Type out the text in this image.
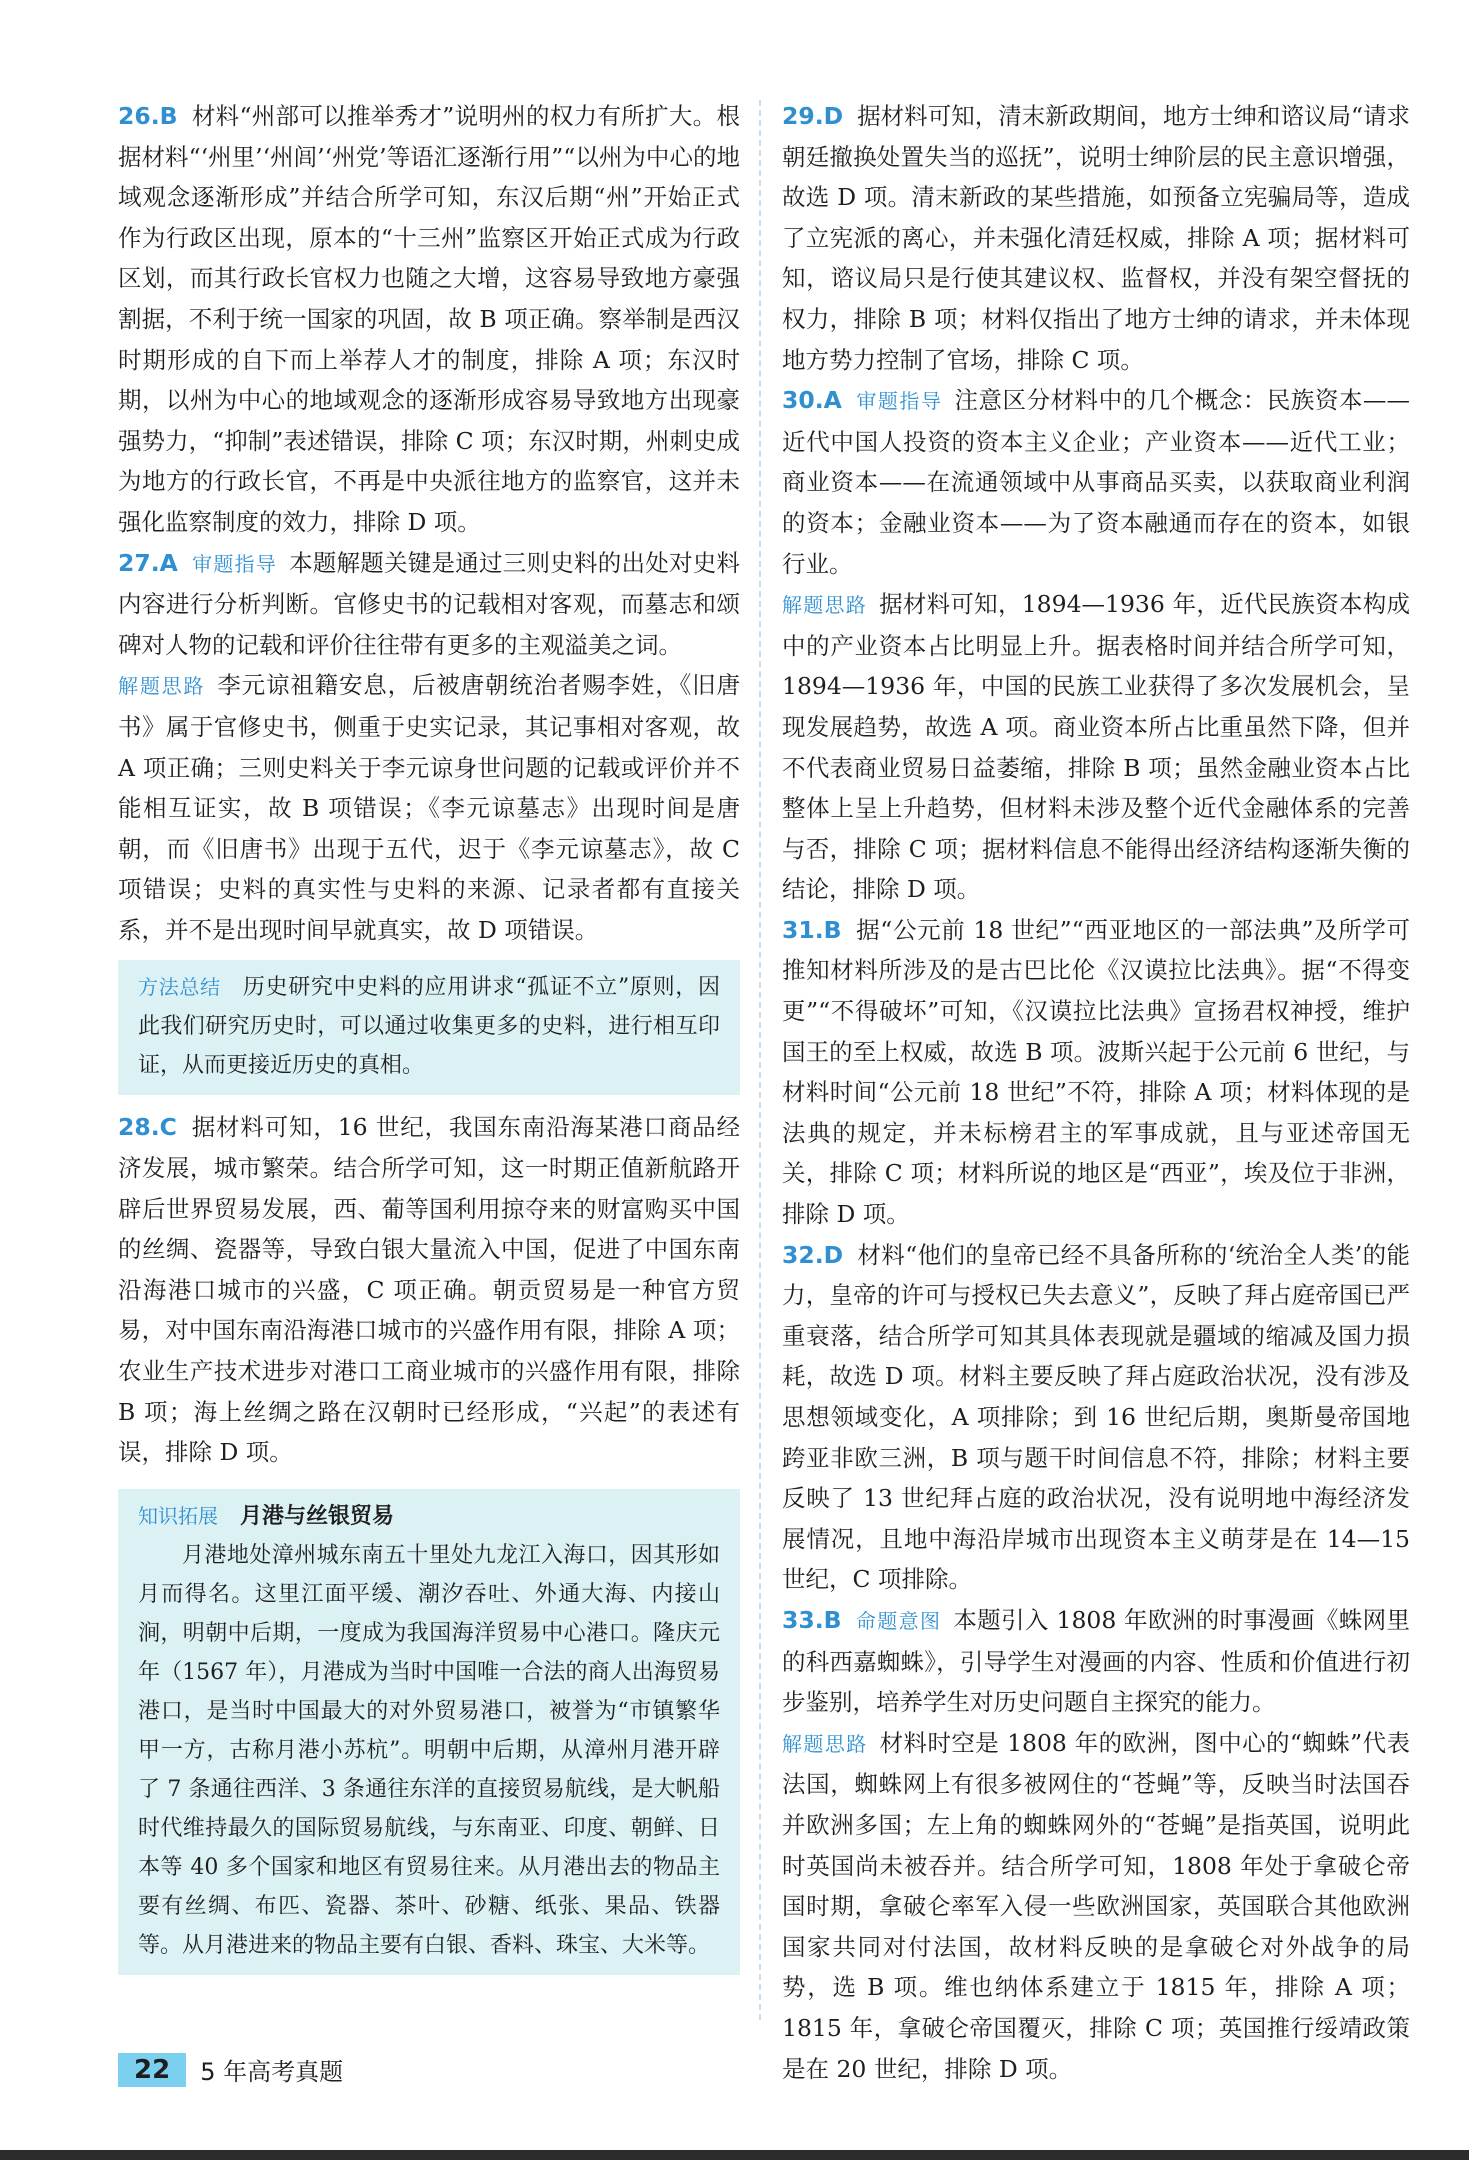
26.B 材料“州部可以推举秀才”说明州的权力有所扩大。根据材料“‘州里’‘州闾’‘州党’等语汇逐渐行用”“以州为中心的地域观念逐渐形成”并结合所学可知，东汉后期“州”开始正式作为行政区出现，原本的“十三州”监察区开始正式成为行政区划，而其行政长官权力也随之大增，这容易导致地方豪强割据，不利于统一国家的巩固，故 B 项正确。察举制是西汉时期形成的自下而上举荐人才的制度，排除 A 项；东汉时期，以州为中心的地域观念的逐渐形成容易导致地方出现豪强势力，“抑制”表述错误，排除 C 项；东汉时期，州刺史成为地方的行政长官，不再是中央派往地方的监察官，这并未强化监察制度的效力，排除 D 项。

27.A 审题指导 本题解题关键是通过三则史料的出处对史料内容进行分析判断。官修史书的记载相对客观，而墓志和颂碑对人物的记载和评价往往带有更多的主观溢美之词。

解题思路 李元谅祖籍安息，后被唐朝统治者赐李姓，《旧唐书》属于官修史书，侧重于史实记录，其记事相对客观，故 A 项正确；三则史料关于李元谅身世问题的记载或评价并不能相互证实，故 B 项错误；《李元谅墓志》出现时间是唐朝，而《旧唐书》出现于五代，迟于《李元谅墓志》，故 C 项错误；史料的真实性与史料的来源、记录者都有直接关系，并不是出现时间早就真实，故 D 项错误。

方法总结 历史研究中史料的应用讲求“孤证不立”原则，因此我们研究历史时，可以通过收集更多的史料，进行相互印证，从而更接近历史的真相。

28.C 据材料可知，16 世纪，我国东南沿海某港口商品经济发展，城市繁荣。结合所学可知，这一时期正值新航路开辟后世界贸易发展，西、葡等国利用掠夺来的财富购买中国的丝绸、瓷器等，导致白银大量流入中国，促进了中国东南沿海港口城市的兴盛，C 项正确。朝贡贸易是一种官方贸易，对中国东南沿海港口城市的兴盛作用有限，排除 A 项；农业生产技术进步对港口工商业城市的兴盛作用有限，排除 B 项；海上丝绸之路在汉朝时已经形成，“兴起”的表述有误，排除 D 项。

知识拓展 月港与丝银贸易

月港地处漳州城东南五十里处九龙江入海口，因其形如月而得名。这里江面平缓、潮汐吞吐、外通大海、内接山涧，明朝中后期，一度成为我国海洋贸易中心港口。隆庆元年（1567 年），月港成为当时中国唯一合法的商人出海贸易港口，是当时中国最大的对外贸易港口，被誉为“市镇繁华甲一方，古称月港小苏杭”。明朝中后期，从漳州月港开辟了 7 条通往西洋、3 条通往东洋的直接贸易航线，是大帆船时代维持最久的国际贸易航线，与东南亚、印度、朝鲜、日本等 40 多个国家和地区有贸易往来。从月港出去的物品主要有丝绸、布匹、瓷器、茶叶、砂糖、纸张、果品、铁器等。从月港进来的物品主要有白银、香料、珠宝、大米等。

29.D 据材料可知，清末新政期间，地方士绅和谘议局“请求朝廷撤换处置失当的巡抚”，说明士绅阶层的民主意识增强，故选 D 项。清末新政的某些措施，如预备立宪骗局等，造成了立宪派的离心，并未强化清廷权威，排除 A 项；据材料可知，谘议局只是行使其建议权、监督权，并没有架空督抚的权力，排除 B 项；材料仅指出了地方士绅的请求，并未体现地方势力控制了官场，排除 C 项。

30.A 审题指导 注意区分材料中的几个概念：民族资本——近代中国人投资的资本主义企业；产业资本——近代工业；商业资本——在流通领域中从事商品买卖，以获取商业利润的资本；金融业资本——为了资本融通而存在的资本，如银行业。

解题思路 据材料可知，1894—1936 年，近代民族资本构成中的产业资本占比明显上升。据表格时间并结合所学可知，1894—1936 年，中国的民族工业获得了多次发展机会，呈现发展趋势，故选 A 项。商业资本所占比重虽然下降，但并不代表商业贸易日益萎缩，排除 B 项；虽然金融业资本占比整体上呈上升趋势，但材料未涉及整个近代金融体系的完善与否，排除 C 项；据材料信息不能得出经济结构逐渐失衡的结论，排除 D 项。

31.B 据“公元前 18 世纪”“西亚地区的一部法典”及所学可推知材料所涉及的是古巴比伦《汉谟拉比法典》。据“不得变更”“不得破坏”可知，《汉谟拉比法典》宣扬君权神授，维护国王的至上权威，故选 B 项。波斯兴起于公元前 6 世纪，与材料时间“公元前 18 世纪”不符，排除 A 项；材料体现的是法典的规定，并未标榜君主的军事成就，且与亚述帝国无关，排除 C 项；材料所说的地区是“西亚”，埃及位于非洲，排除 D 项。

32.D 材料“他们的皇帝已经不具备所称的‘统治全人类’的能力，皇帝的许可与授权已失去意义”，反映了拜占庭帝国已严重衰落，结合所学可知其具体表现就是疆域的缩减及国力损耗，故选 D 项。材料主要反映了拜占庭政治状况，没有涉及思想领域变化，A 项排除；到 16 世纪后期，奥斯曼帝国地跨亚非欧三洲，B 项与题干时间信息不符，排除；材料主要反映了 13 世纪拜占庭的政治状况，没有说明地中海经济发展情况，且地中海沿岸城市出现资本主义萌芽是在 14—15世纪，C 项排除。

33.B 命题意图 本题引入 1808 年欧洲的时事漫画《蛛网里的科西嘉蜘蛛》，引导学生对漫画的内容、性质和价值进行初步鉴别，培养学生对历史问题自主探究的能力。

解题思路 材料时空是 1808 年的欧洲，图中心的“蜘蛛”代表法国，蜘蛛网上有很多被网住的“苍蝇”等，反映当时法国吞并欧洲多国；左上角的蜘蛛网外的“苍蝇”是指英国，说明此时英国尚未被吞并。结合所学可知，1808 年处于拿破仑帝国时期，拿破仑率军入侵一些欧洲国家，英国联合其他欧洲国家共同对付法国，故材料反映的是拿破仑对外战争的局势，选 B 项。维也纳体系建立于 1815 年，排除 A 项；1815 年，拿破仑帝国覆灭，排除 C 项；英国推行绥靖政策是在 20 世纪，排除 D 项。

22	5 年高考真题
